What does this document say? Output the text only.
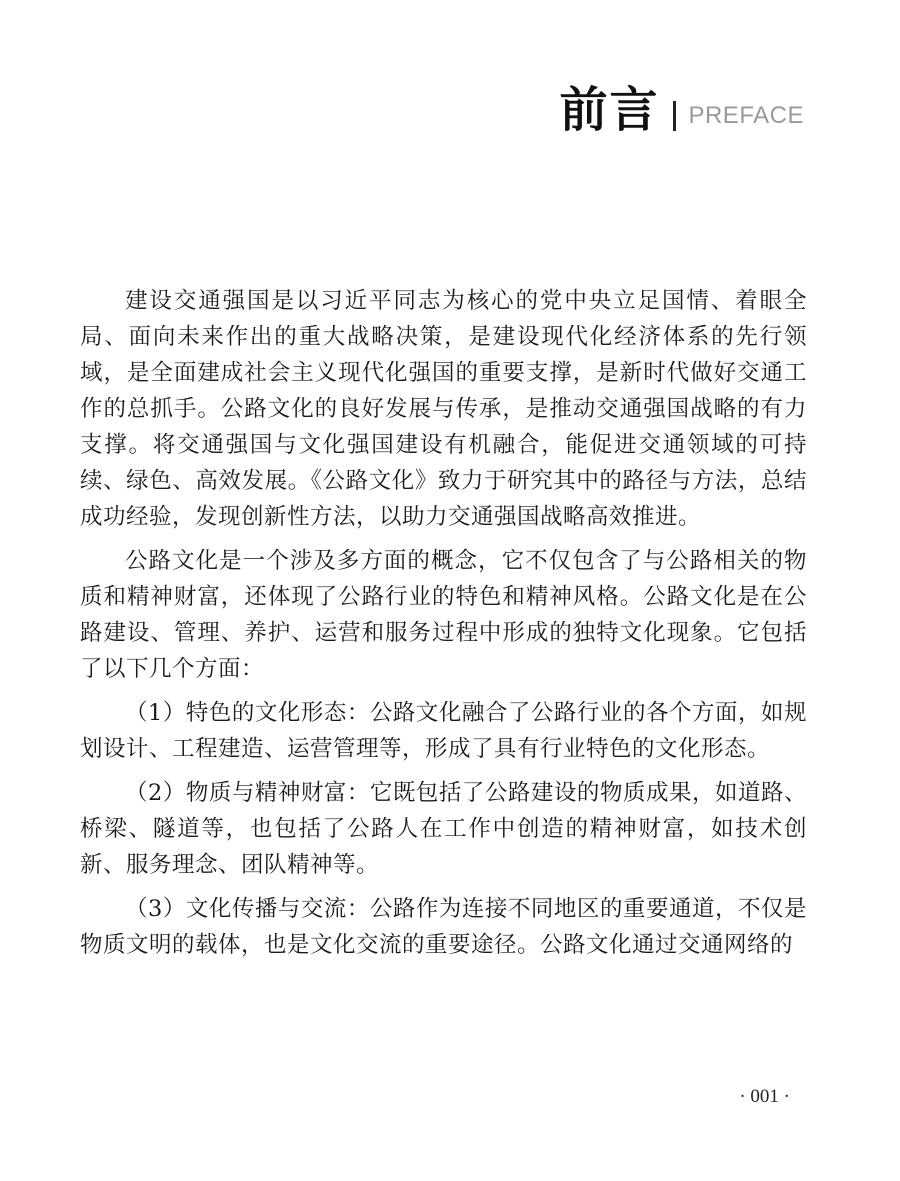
前言 PREFACE

建设交通强国是以习近平同志为核心的党中央立足国情、着眼全局、面向未来作出的重大战略决策，是建设现代化经济体系的先行领域，是全面建成社会主义现代化强国的重要支撑，是新时代做好交通工作的总抓手。公路文化的良好发展与传承，是推动交通强国战略的有力支撑。将交通强国与文化强国建设有机融合，能促进交通领域的可持续、绿色、高效发展。《公路文化》致力于研究其中的路径与方法，总结成功经验，发现创新性方法，以助力交通强国战略高效推进。

公路文化是一个涉及多方面的概念，它不仅包含了与公路相关的物质和精神财富，还体现了公路行业的特色和精神风格。公路文化是在公路建设、管理、养护、运营和服务过程中形成的独特文化现象。它包括了以下几个方面：

（1）特色的文化形态：公路文化融合了公路行业的各个方面，如规划设计、工程建造、运营管理等，形成了具有行业特色的文化形态。

（2）物质与精神财富：它既包括了公路建设的物质成果，如道路、桥梁、隧道等，也包括了公路人在工作中创造的精神财富，如技术创新、服务理念、团队精神等。

（3）文化传播与交流：公路作为连接不同地区的重要通道，不仅是物质文明的载体，也是文化交流的重要途径。公路文化通过交通网络的

· 001 ·
